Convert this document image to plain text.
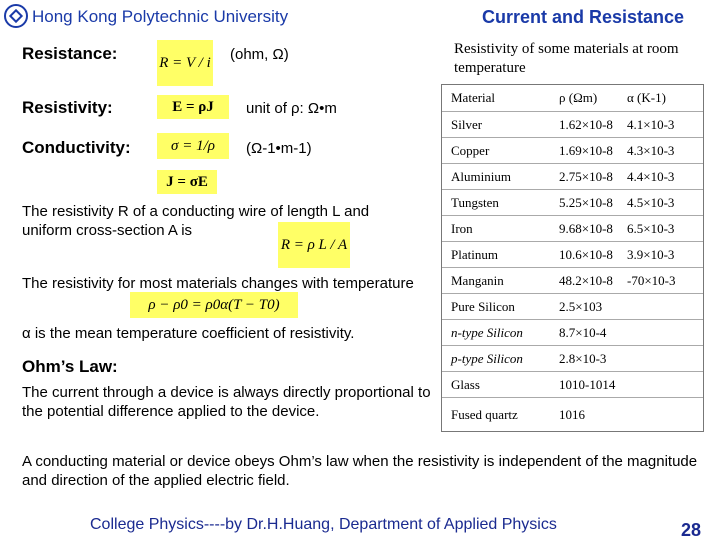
Hong Kong Polytechnic University	Current and Resistance
Resistance:	R = V / i (ohm, Ω)
Resistivity:	E = ρJ	unit of ρ: Ω•m
Conductivity:	σ = 1/ρ	(Ω-1•m-1)
J = σE
The resistivity R of a conducting wire of length L and uniform cross-section A is
R = ρ L / A
The resistivity for most materials changes with temperature
ρ − ρ0 = ρ0α(T − T0)
α is the mean temperature coefficient of resistivity.
Ohm’s Law:
The current through a device is always directly proportional to the potential difference applied to the device.
A conducting material or device obeys Ohm’s law when the resistivity is independent of the magnitude and direction of the applied electric field.
Resistivity of some materials at room temperature
Material	ρ (Ωm) α (K-1)
Silver	1.62×10-8 4.1×10-3
Copper	1.69×10-8 4.3×10-3
Aluminium	2.75×10-8 4.4×10-3
Tungsten	5.25×10-8 4.5×10-3
Iron	9.68×10-8 6.5×10-3
Platinum	10.6×10-8 3.9×10-3
Manganin	48.2×10-8 -70×10-3
Pure Silicon	2.5×103
n-type Silicon	8.7×10-4
p-type Silicon	2.8×10-3
Glass	1010-1014
Fused quartz	1016
College Physics----by Dr.H.Huang, Department of Applied Physics	28
